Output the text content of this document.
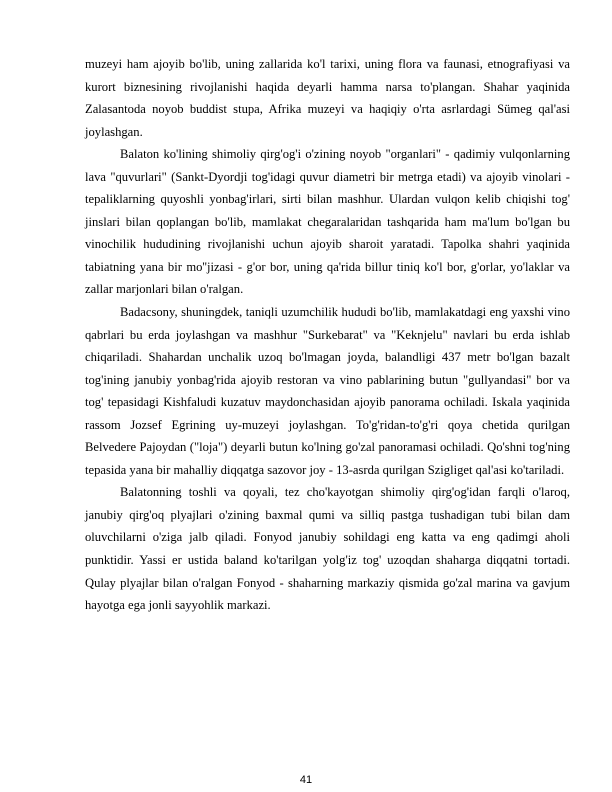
muzeyi ham ajoyib bo'lib, uning zallarida ko'l tarixi, uning flora va faunasi, etnografiyasi va kurort biznesining rivojlanishi haqida deyarli hamma narsa to'plangan. Shahar yaqinida Zalasantoda noyob buddist stupa, Afrika muzeyi va haqiqiy o'rta asrlardagi Sümeg qal'asi joylashgan.

Balaton ko'lining shimoliy qirg'og'i o'zining noyob "organlari" - qadimiy vulqonlarning lava "quvurlari" (Sankt-Dyordji tog'idagi quvur diametri bir metrga etadi) va ajoyib vinolari - tepaliklarning quyoshli yonbag'irlari, sirti bilan mashhur. Ulardan vulqon kelib chiqishi tog' jinslari bilan qoplangan bo'lib, mamlakat chegaralaridan tashqarida ham ma'lum bo'lgan bu vinochilik hududining rivojlanishi uchun ajoyib sharoit yaratadi. Tapolka shahri yaqinida tabiatning yana bir mo''jizasi - g'or bor, uning qa'rida billur tiniq ko'l bor, g'orlar, yo'laklar va zallar marjonlari bilan o'ralgan.

Badacsony, shuningdek, taniqli uzumchilik hududi bo'lib, mamlakatdagi eng yaxshi vino qabrlari bu erda joylashgan va mashhur "Surkebarat" va "Keknjelu" navlari bu erda ishlab chiqariladi. Shahardan unchalik uzoq bo'lmagan joyda, balandligi 437 metr bo'lgan bazalt tog'ining janubiy yonbag'rida ajoyib restoran va vino pablarining butun "gullyandasi" bor va tog' tepasidagi Kishfaludi kuzatuv maydonchasidan ajoyib panorama ochiladi. Iskala yaqinida rassom Jozsef Egrining uy-muzeyi joylashgan. To'g'ridan-to'g'ri qoya chetida qurilgan Belvedere Pajoydan ("loja") deyarli butun ko'lning go'zal panoramasi ochiladi. Qo'shni tog'ning tepasida yana bir mahalliy diqqatga sazovor joy - 13-asrda qurilgan Szigliget qal'asi ko'tariladi.

Balatonning toshli va qoyali, tez cho'kayotgan shimoliy qirg'og'idan farqli o'laroq, janubiy qirg'oq plyajlari o'zining baxmal qumi va silliq pastga tushadigan tubi bilan dam oluvchilarni o'ziga jalb qiladi. Fonyod janubiy sohildagi eng katta va eng qadimgi aholi punktidir. Yassi er ustida baland ko'tarilgan yolg'iz tog' uzoqdan shaharga diqqatni tortadi. Qulay plyajlar bilan o'ralgan Fonyod - shaharning markaziy qismida go'zal marina va gavjum hayotga ega jonli sayyohlik markazi.

41
